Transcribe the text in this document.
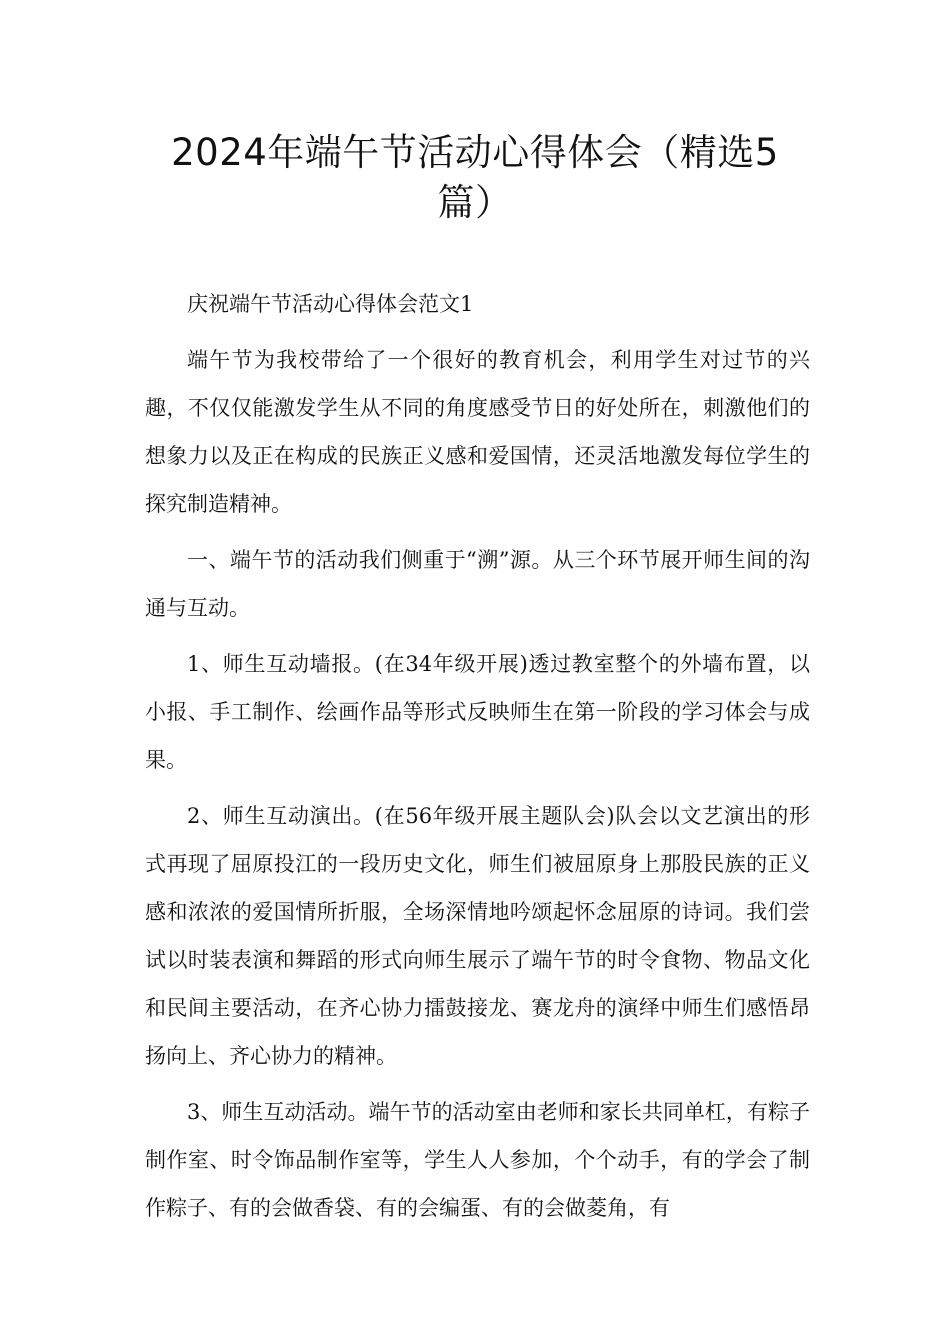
2024年端午节活动心得体会（精选5
篇）

庆祝端午节活动心得体会范文1

端午节为我校带给了一个很好的教育机会，利用学生对过节的兴趣，不仅仅能激发学生从不同的角度感受节日的好处所在，刺激他们的想象力以及正在构成的民族正义感和爱国情，还灵活地激发每位学生的探究制造精神。

一、端午节的活动我们侧重于“溯”源。从三个环节展开师生间的沟通与互动。

1、师生互动墙报。(在34年级开展)透过教室整个的外墙布置，以小报、手工制作、绘画作品等形式反映师生在第一阶段的学习体会与成果。

2、师生互动演出。(在56年级开展主题队会)队会以文艺演出的形式再现了屈原投江的一段历史文化，师生们被屈原身上那股民族的正义感和浓浓的爱国情所折服，全场深情地吟颂起怀念屈原的诗词。我们尝试以时装表演和舞蹈的形式向师生展示了端午节的时令食物、物品文化和民间主要活动，在齐心协力擂鼓接龙、赛龙舟的演绎中师生们感悟昂扬向上、齐心协力的精神。

3、师生互动活动。端午节的活动室由老师和家长共同单杠，有粽子制作室、时令饰品制作室等，学生人人参加，个个动手，有的学会了制作粽子、有的会做香袋、有的会编蛋、有的会做菱角，有
